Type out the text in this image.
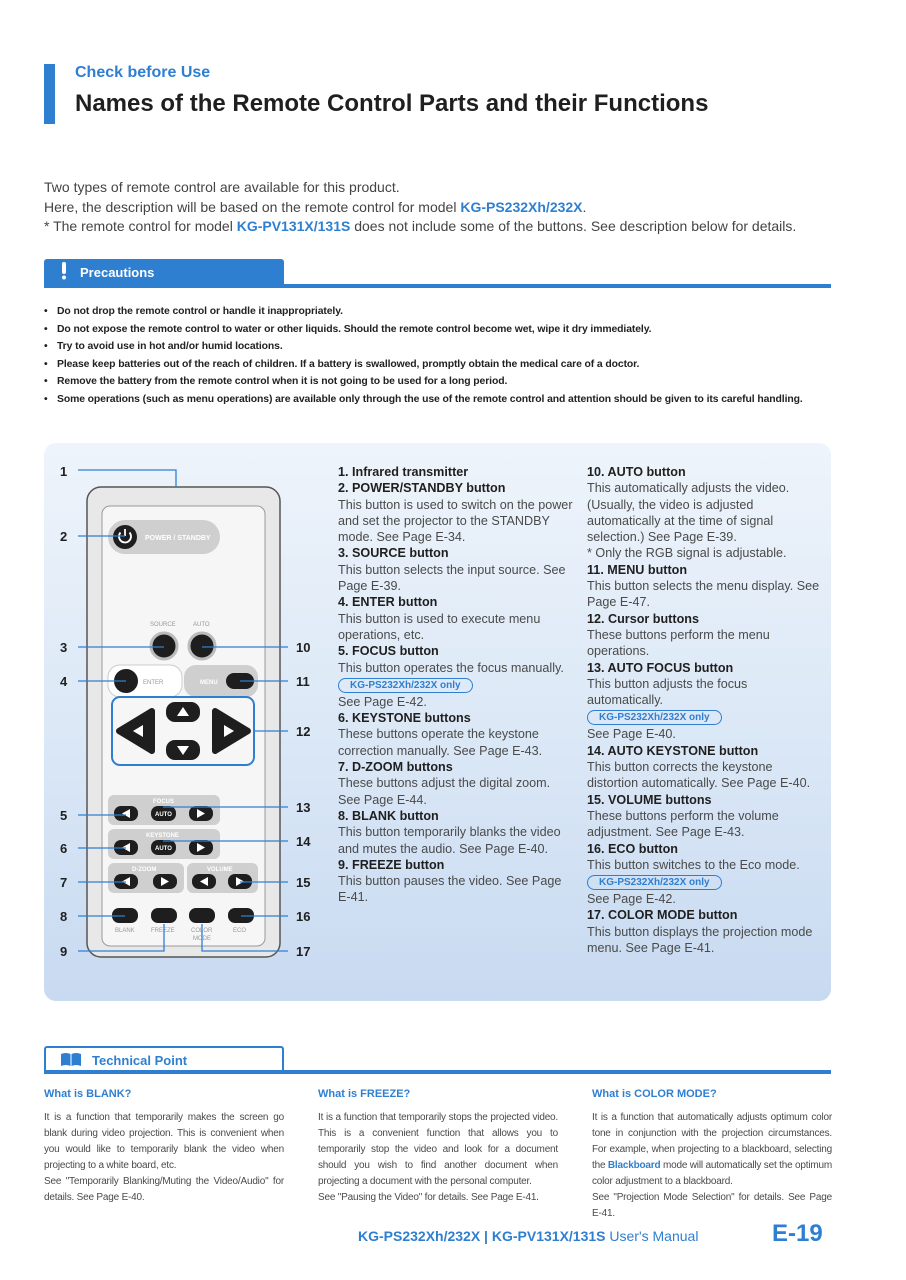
Check before Use
Names of the Remote Control Parts and their Functions
Two types of remote control are available for this product.
Here, the description will be based on the remote control for model KG-PS232Xh/232X.
* The remote control for model KG-PV131X/131S does not include some of the buttons. See description below for details.
Precautions
• Do not drop the remote control or handle it inappropriately.
• Do not expose the remote control to water or other liquids. Should the remote control become wet, wipe it dry immediately.
• Try to avoid use in hot and/or humid locations.
• Please keep batteries out of the reach of children. If a battery is swallowed, promptly obtain the medical care of a doctor.
• Remove the battery from the remote control when it is not going to be used for a long period.
• Some operations (such as menu operations) are available only through the use of the remote control and attention should be given to its careful handling.
POWER / STANDBY
SOURCE	AUTO
ENTER	MENU
FOCUS
AUTO
KEYSTONE
AUTO
D-ZOOM	VOLUME
BLANK	FREEZE	COLOR
MODE
ECO
1
2
3
4
5
6
7
8
9
10
11
12
13
14
15
16
17
1. Infrared transmitter
2. POWER/STANDBY button
This button is used to switch on the power and set the projector to the STANDBY mode. See Page E-34.
3. SOURCE button
This button selects the input source. See Page E-39.
4. ENTER button
This button is used to execute menu operations, etc.
5. FOCUS button
This button operates the focus manually.
KG-PS232Xh/232X only
See Page E-42.
6. KEYSTONE buttons
These buttons operate the keystone correction manually. See Page E-43.
7. D-ZOOM buttons
These buttons adjust the digital zoom. See Page E-44.
8. BLANK button
This button temporarily blanks the video and mutes the audio. See Page E-40.
9. FREEZE button
This button pauses the video. See Page E-41.
10. AUTO button
This automatically adjusts the video. (Usually, the video is adjusted automatically at the time of signal selection.) See Page E-39.
* Only the RGB signal is adjustable.
11. MENU button
This button selects the menu display. See Page E-47.
12. Cursor buttons
These buttons perform the menu operations.
13. AUTO FOCUS button
This button adjusts the focus automatically.
KG-PS232Xh/232X only
See Page E-40.
14. AUTO KEYSTONE button
This button corrects the keystone distortion automatically. See Page E-40.
15. VOLUME buttons
These buttons perform the volume adjustment. See Page E-43.
16. ECO button
This button switches to the Eco mode.
KG-PS232Xh/232X only
See Page E-42.
17. COLOR MODE button
This button displays the projection mode menu. See Page E-41.
Technical Point
What is BLANK?
It is a function that temporarily makes the screen go blank during video projection. This is convenient when you would like to temporarily blank the video when projecting to a white board, etc.
See "Temporarily Blanking/Muting the Video/Audio" for details. See Page E-40.
What is FREEZE?
It is a function that temporarily stops the projected video. This is a convenient function that allows you to temporarily stop the video and look for a document should you wish to find another document when projecting a document with the personal computer.
See "Pausing the Video" for details. See Page E-41.
What is COLOR MODE?
It is a function that automatically adjusts optimum color tone in conjunction with the projection circumstances. For example, when projecting to a blackboard, selecting the Blackboard mode will automatically set the optimum color adjustment to a blackboard.
See "Projection Mode Selection" for details. See Page E-41.
KG-PS232Xh/232X | KG-PV131X/131S User's Manual	E-19
